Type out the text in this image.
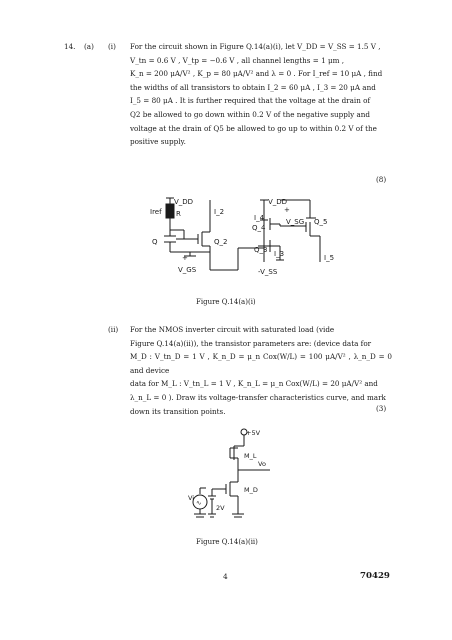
14. (a) (i) For the circuit shown in Figure Q.14(a)(i), let V_DD = V_SS = 1.5 V ,
V_tn = 0.6 V , V_tp = −0.6 V , all channel lengths = 1 μm ,
K_n = 200 μA/V² , K_p = 80 μA/V² and λ = 0 . For I_ref = 10 μA , find
the widths of all transistors to obtain I_2 = 60 μA , I_3 = 20 μA and
I_5 = 80 μA . It is further required that the voltage at the drain of
Q2 be allowed to go down within 0.2 V of the negative supply and
voltage at the drain of Q5 be allowed to go up to within 0.2 V of the
positive supply.
(8)
Iref
V_DD
R
Q	Q_2
I_2
+
V_GS
V_DD
I_4
Q_4
Q_3 I_3
+
V_SG Q_5
I_5
-V_SS
Figure Q.14(a)(i)
(ii) For the NMOS inverter circuit with saturated load (vide
Figure Q.14(a)(ii)), the transistor parameters are: (device data for
M_D : V_tn_D = 1 V , K_n_D = μ_n Cox(W/L) = 100 μA/V² , λ_n_D = 0 and device
data for M_L : V_tn_L = 1 V , K_n_L = μ_n Cox(W/L) = 20 μA/V² and
λ_n_L = 0 ). Draw its voltage-transfer characteristics curve, and mark
down its transition points.	(3)
+5V
M_L
Vo
M_D
Vi
∿
2V
Figure Q.14(a)(ii)
4	70429
